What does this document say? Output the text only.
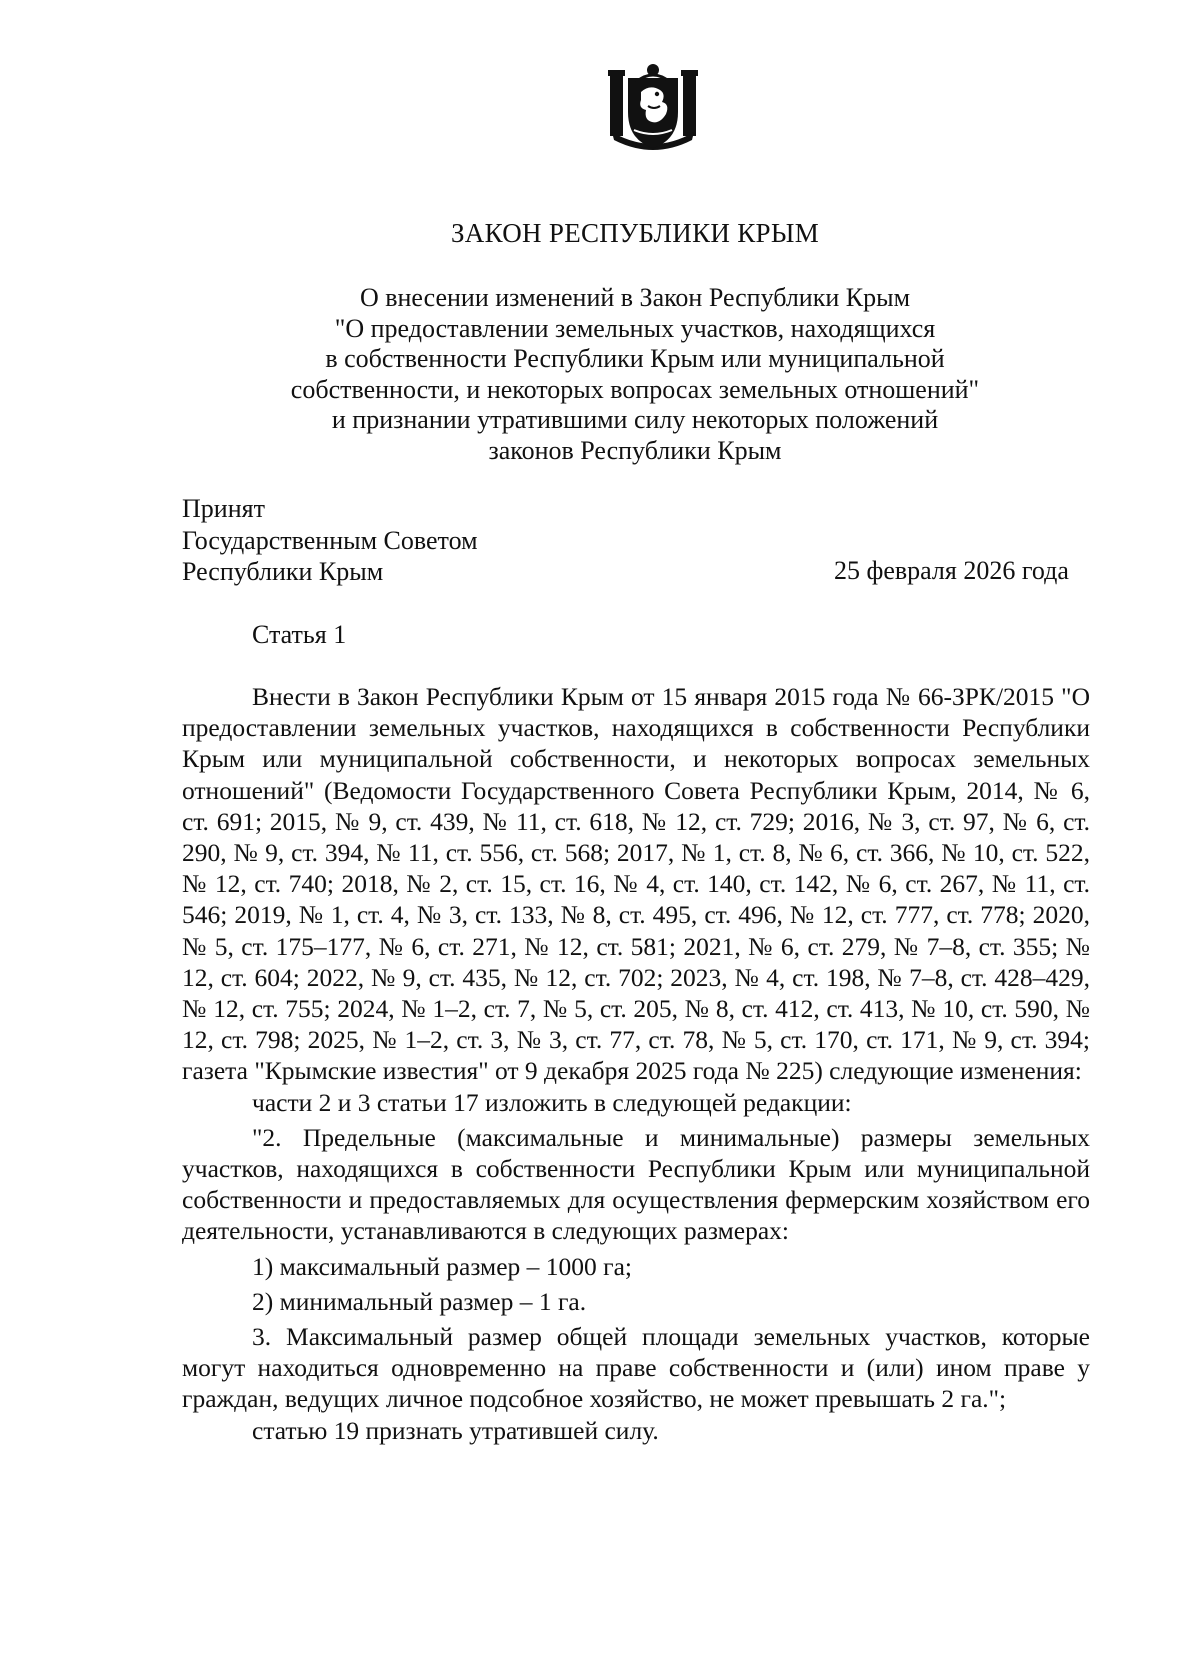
ЗАКОН РЕСПУБЛИКИ КРЫМ
О внесении изменений в Закон Республики Крым
"О предоставлении земельных участков, находящихся
в собственности Республики Крым или муниципальной
собственности, и некоторых вопросах земельных отношений"
и признании утратившими силу некоторых положений
законов Республики Крым
Принят
Государственным Советом
Республики Крым	25 февраля 2026 года
Статья 1

Внести в Закон Республики Крым от 15 января 2015 года № 66-ЗРК/2015 "О предоставлении земельных участков, находящихся в собственности Республики Крым или муниципальной собственности, и некоторых вопросах земельных отношений" (Ведомости Государственного Совета Республики Крым, 2014, № 6, ст. 691; 2015, № 9, ст. 439, № 11, ст. 618, № 12, ст. 729; 2016, № 3, ст. 97, № 6, ст. 290, № 9, ст. 394, № 11, ст. 556, ст. 568; 2017, № 1, ст. 8, № 6, ст. 366, № 10, ст. 522, № 12, ст. 740; 2018, № 2, ст. 15, ст. 16, № 4, ст. 140, ст. 142, № 6, ст. 267, № 11, ст. 546; 2019, № 1, ст. 4, № 3, ст. 133, № 8, ст. 495, ст. 496, № 12, ст. 777, ст. 778; 2020, № 5, ст. 175–177, № 6, ст. 271, № 12, ст. 581; 2021, № 6, ст. 279, № 7–8, ст. 355; № 12, ст. 604; 2022, № 9, ст. 435, № 12, ст. 702; 2023, № 4, ст. 198, № 7–8, ст. 428–429, № 12, ст. 755; 2024, № 1–2, ст. 7, № 5, ст. 205, № 8, ст. 412, ст. 413, № 10, ст. 590, № 12, ст. 798; 2025, № 1–2, ст. 3, № 3, ст. 77, ст. 78, № 5, ст. 170, ст. 171, № 9, ст. 394; газета "Крымские известия" от 9 декабря 2025 года № 225) следующие изменения:

части 2 и 3 статьи 17 изложить в следующей редакции:

"2. Предельные (максимальные и минимальные) размеры земельных участков, находящихся в собственности Республики Крым или муниципальной собственности и предоставляемых для осуществления фермерским хозяйством его деятельности, устанавливаются в следующих размерах:

1) максимальный размер – 1000 га;

2) минимальный размер – 1 га.

3. Максимальный размер общей площади земельных участков, которые могут находиться одновременно на праве собственности и (или) ином праве у граждан, ведущих личное подсобное хозяйство, не может превышать 2 га.";

статью 19 признать утратившей силу.
